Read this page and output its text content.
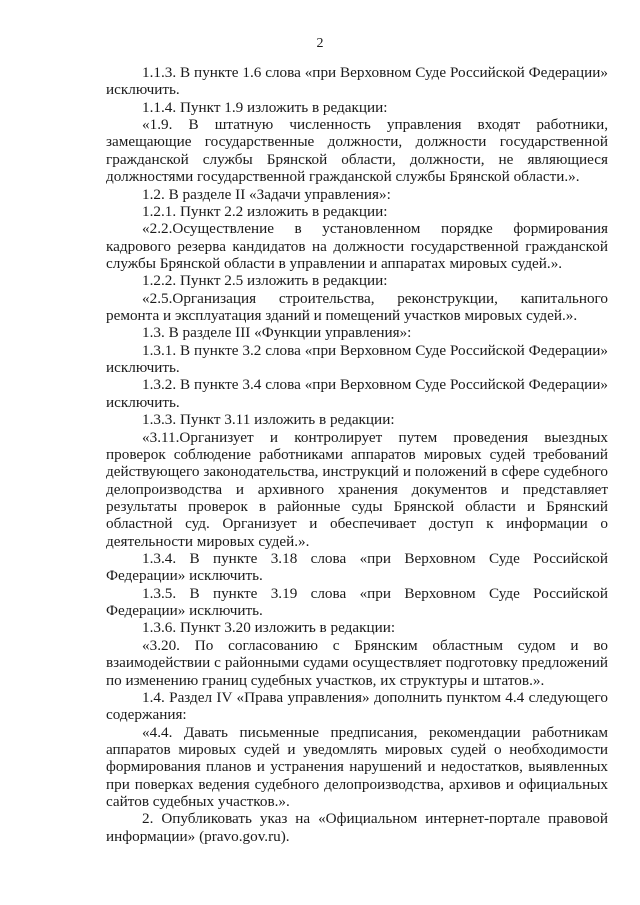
2

1.1.3. В пункте 1.6 слова «при Верховном Суде Российской Федерации» исключить.

1.1.4. Пункт 1.9 изложить в редакции:

«1.9. В штатную численность управления входят работники, замещающие государственные должности, должности государственной гражданской службы Брянской области, должности, не являющиеся должностями государственной гражданской службы Брянской области.».

1.2. В разделе II «Задачи управления»:

1.2.1. Пункт 2.2 изложить в редакции:

«2.2.Осуществление в установленном порядке формирования кадрового резерва кандидатов на должности государственной гражданской службы Брянской области в управлении и аппаратах мировых судей.».

1.2.2. Пункт 2.5 изложить в редакции:

«2.5.Организация строительства, реконструкции, капитального ремонта и эксплуатация зданий и помещений участков мировых судей.».

1.3. В разделе III «Функции управления»:

1.3.1. В пункте 3.2 слова «при Верховном Суде Российской Федерации» исключить.

1.3.2. В пункте 3.4 слова «при Верховном Суде Российской Федерации» исключить.

1.3.3. Пункт 3.11 изложить в редакции:

«3.11.Организует и контролирует путем проведения выездных проверок соблюдение работниками аппаратов мировых судей требований действующего законодательства, инструкций и положений в сфере судебного делопроизводства и архивного хранения документов и представляет результаты проверок в районные суды Брянской области и Брянский областной суд. Организует и обеспечивает доступ к информации о деятельности мировых судей.».

1.3.4. В пункте 3.18 слова «при Верховном Суде Российской Федерации» исключить.

1.3.5. В пункте 3.19 слова «при Верховном Суде Российской Федерации» исключить.

1.3.6. Пункт 3.20 изложить в редакции:

«3.20. По согласованию с Брянским областным судом и во взаимодействии с районными судами осуществляет подготовку предложений по изменению границ судебных участков, их структуры и штатов.».

1.4. Раздел IV «Права управления» дополнить пунктом 4.4 следующего содержания:

«4.4. Давать письменные предписания, рекомендации работникам аппаратов мировых судей и уведомлять мировых судей о необходимости формирования планов и устранения нарушений и недостатков, выявленных при поверках ведения судебного делопроизводства, архивов и официальных сайтов судебных участков.».

2. Опубликовать указ на «Официальном интернет-портале правовой информации» (pravo.gov.ru).
